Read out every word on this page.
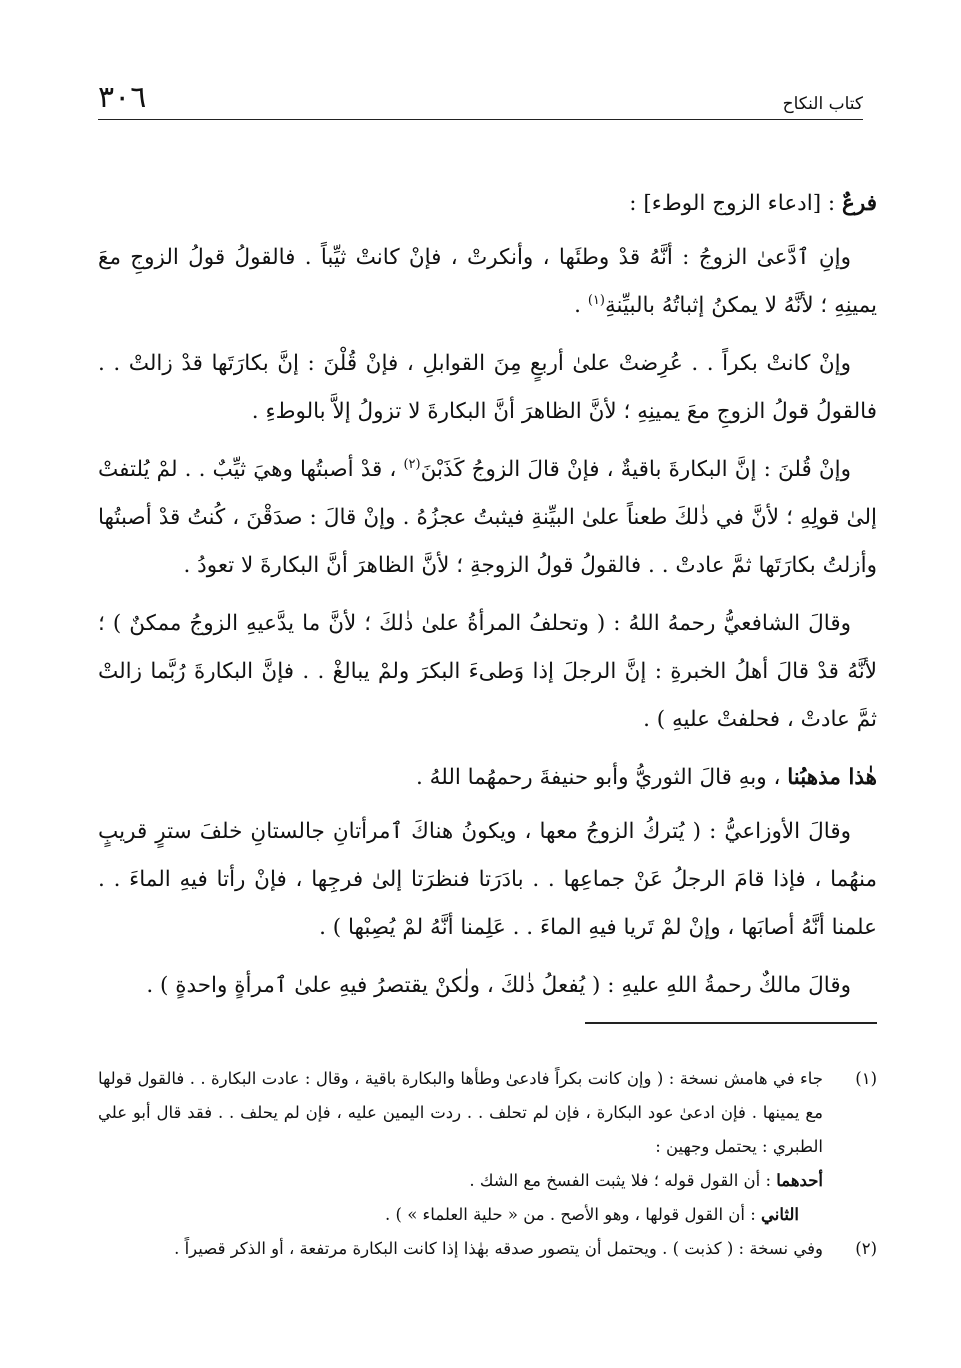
كتاب النكاح
٣٠٦

فرعٌ : [ادعاء الزوج الوطء] :

وإنِ ٱدَّعىٰ الزوجُ : أنَّهُ قدْ وطئَها ، وأنكرتْ ، فإنْ كانتْ ثيِّباً . فالقولُ قولُ الزوجِ معَ يمينِهِ ؛ لأنَّهُ لا يمكنُ إثباتُهُ بالبيِّنةِ$^{(١)}$ .

وإنْ كانتْ بكراً . . عُرِضتْ علىٰ أربعٍ مِنَ القوابلِ ، فإنْ قُلْنَ : إنَّ بكارَتَها قدْ زالتْ . . فالقولُ قولُ الزوجِ معَ يمينِهِ ؛ لأنَّ الظاهرَ أنَّ البكارةَ لا تزولُ إلاَّ بالوطءِ .

وإنْ قُلنَ : إنَّ البكارةَ باقيةٌ ، فإنْ قالَ الزوجُ كَذَبْنَ$^{(٢)}$ ، قدْ أصبتُها وهيَ ثيِّبٌ . . لمْ يُلتفتْ إلىٰ قولِهِ ؛ لأنَّ في ذٰلكَ طعناً علىٰ البيِّنةِ فيثبتُ عجزُهُ . وإنْ قالَ : صدَقْنَ ، كُنتُ قدْ أصبتُها وأزلتُ بكارَتَها ثمَّ عادتْ . . فالقولُ قولُ الزوجةِ ؛ لأنَّ الظاهرَ أنَّ البكارةَ لا تعودُ .

وقالَ الشافعيُّ رحمهُ اللهُ : ( وتحلفُ المرأةُ علىٰ ذٰلكَ ؛ لأنَّ ما يدَّعيهِ الزوجُ ممكنٌ ) ؛ لأنَّهُ قدْ قالَ أهلُ الخبرةِ : إنَّ الرجلَ إذا وَطىءَ البكرَ ولمْ يبالغْ . . فإنَّ البكارةَ رُبَّما زالتْ ثمَّ عادتْ ، فحلفتْ عليهِ ) .

هٰذا مذهبُنا ، وبهِ قالَ الثوريُّ وأبو حنيفةَ رحمهُما اللهُ .

وقالَ الأوزاعيُّ : ( يُتركُ الزوجُ معها ، ويكونُ هناكَ ٱمرأتانِ جالستانِ خلفَ سترٍ قريبٍ منهُما ، فإذا قامَ الرجلُ عَنْ جماعِها . . بادَرَتا فنظرَتا إلىٰ فرجِها ، فإنْ رأتا فيهِ الماءَ . . علمنا أنَّهُ أصابَها ، وإنْ لمْ تَريا فيهِ الماءَ . . عَلِمنا أنَّهُ لمْ يُصِبْها ) .

وقالَ مالكٌ رحمةُ اللهِ عليهِ : ( يُفعلُ ذٰلكَ ، ولٰكنْ يقتصرُ فيهِ علىٰ ٱمرأةٍ واحدةٍ ) .

(١)
جاء في هامش نسخة : ( وإن كانت بكراً فادعىٰ وطأها والبكارة باقية ، وقال : عادت البكارة . . فالقول قولها مع يمينها . فإن ادعىٰ عود البكارة ، فإن لم تحلف . . ردت اليمين عليه ، فإن لم يحلف . . فقد قال أبو علي الطبري : يحتمل وجهين :
أحدهما : أن القول قوله ؛ فلا يثبت الفسخ مع الشك .
الثاني : أن القول قولها ، وهو الأصح . من « حلية العلماء » ) .
(٢)
وفي نسخة : ( كذبت ) . ويحتمل أن يتصور صدقه بهٰذا إذا كانت البكارة مرتفعة ، أو الذكر قصيراً .
